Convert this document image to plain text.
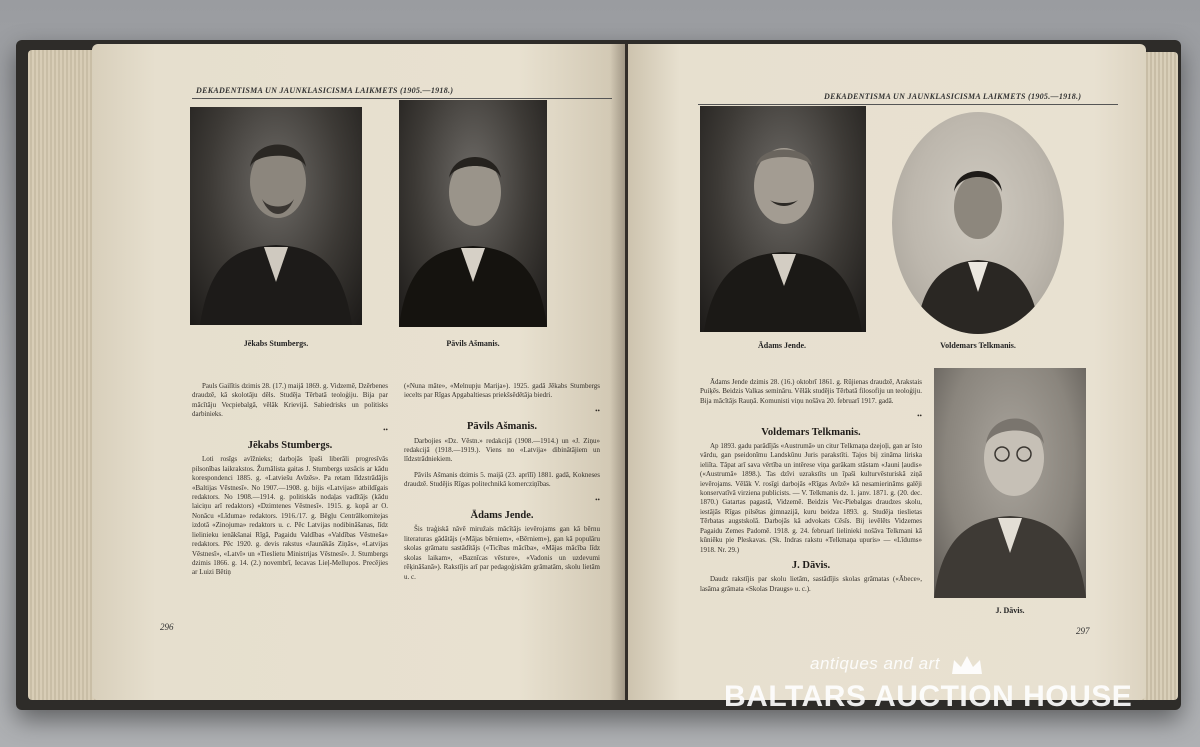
DEKADENTISMA UN JAUNKLASICISMA LAIKMETS (1905.—1918.)
Jēkabs Stumbergs.	Pāvils Ašmanis.

Pauls Gailītis dzimis 28. (17.) maijā 1869. g. Vidzemē, Dzērbenes draudzē, kā skolotāju dēls. Studēja Tērbatā teoloģiju. Bija par mācītāju Vecpiebalgā, vēlāk Krievijā. Sabiedrisks un politisks darbinieks.

••
Jēkabs Stumbergs.

Loti rosīgs avīžnieks; darbojās īpaši liberāli progresīvās pilsonības laikrakstos. Žurnālista gaitas J. Stumbergs uzsācis ar kādu korespondenci 1885. g. «Latviešu Avīzēs». Pa retam līdzstrādājis «Baltijas Vēstnesī». No 1907.—1908. g. bijis «Latvijas» atbildīgais redaktors. No 1908.—1914. g. politiskās nodaļas vadītājs (kādu laiciņu arī redaktors) «Dzimtenes Vēstnesī». 1915. g. kopā ar O. Nonācu «Līduma» redaktors. 1916./17. g. Bēgļu Centrālkomitejas izdotā «Zinojuma» redaktors u. c. Pēc Latvijas nodibināšanas, līdz lielinieku ienākšanai Rīgā, Pagaidu Valdības «Valdības Vēstneša» redaktors. Pēc 1920. g. devis rakstus «Jaunākās Ziņās», «Latvijas Vēstnesī», «Latvī» un «Tieslietu Ministrijas Vēstnesī». J. Stumbergs dzimis 1866. g. 14. (2.) novembrī, Iecavas Lieļ-Mellupos. Precējies ar Luizi Bētiņ

(«Nuna māte», «Melnupju Marija»). 1925. gadā Jēkabs Stumbergs iecelts par Rīgas Apgabaltiesas priekšsēdētāja biedri.

••
Pāvils Ašmanis.

Darbojies «Dz. Vēstn.» redakcijā (1908.—1914.) un «J. Ziņu» redakcijā (1918.—1919.). Viens no «Latvija» dibinātājiem un līdzstrādniekiem.

Pāvils Ašmanis dzimis 5. maijā (23. aprīlī) 1881. gadā, Kokneses draudzē. Studējis Rīgas politechnikā komercziņības.

••
Ādams Jende.

Šis traģiskā nāvē miružais mācītājs ievērojams gan kā bērnu literaturas gādātājs («Mājas bērniem», «Bērniem»), gan kā populāru skolas grāmatu sastādītājs («Ticības mācība», «Mājas mācība līdz skolas laikam», «Baznīcas vēsture», «Vadonis un uzdevumi rēķināšanā»). Rakstījis arī par pedagoģiskām grāmatām, skolu lietām u. c.

296
DEKADENTISMA UN JAUNKLASICISMA LAIKMETS (1905.—1918.)
Ādams Jende.	Voldemars Telkmanis.
J. Dāvis.

Ādams Jende dzimis 28. (16.) oktobrī 1861. g. Rūjienas draudzē, Arakstais Puiķēs. Beidzis Valkas semināru. Vēlāk studējis Tērbatā filosofiju un teoloģiju. Bija mācītājs Rauņā. Komunisti viņu nošāva 20. februarī 1917. gadā.

••
Voldemars Telkmanis.

Ap 1893. gadu parādījās «Austrumā» un citur Telkmaņa dzejoļi, gan ar īsto vārdu, gan pseidonīmu Landskūnu Juris parakstīti. Tajos bij zināma liriska ieliīta. Tāpat arī sava vērtība un intērese viņa garākam stāstam «Jauni ļaudis» («Austrumā» 1898.). Tas dzīvi uzrakstīts un īpaši kulturvēsturiskā ziņā ievērojams. Vēlāk V. rosīgi darbojās «Rīgas Avīzē» kā nesamierināms galēji konservatīvā virziena publicists. — V. Telkmanis dz. 1. janv. 1871. g. (20. dec. 1870.) Gatartas pagastā, Vidzemē. Beidzis Vec-Piebalgas draudzes skolu, iestājās Rīgas pilsētas ģimnazijā, kuru beidza 1893. g. Studēja tieslietas Tērbatas augstskolā. Darbojās kā advokats Cēsīs. Bij ievēlēts Vidzemes Pagaidu Zemes Padomē. 1918. g. 24. februarī lielinieki nošāva Telkmani kā kūniēku pie Pleskavas. (Sk. Indras rakstu «Telkmaņa upuris» — «Līdums» 1918. Nr. 29.)

J. Dāvis.

Daudz rakstījis par skolu lietām, sastādījis skolas grāmatas («Ābece», lasāma grāmata «Skolas Draugs» u. c.).

297
antiques and art
BALTARS AUCTION HOUSE
